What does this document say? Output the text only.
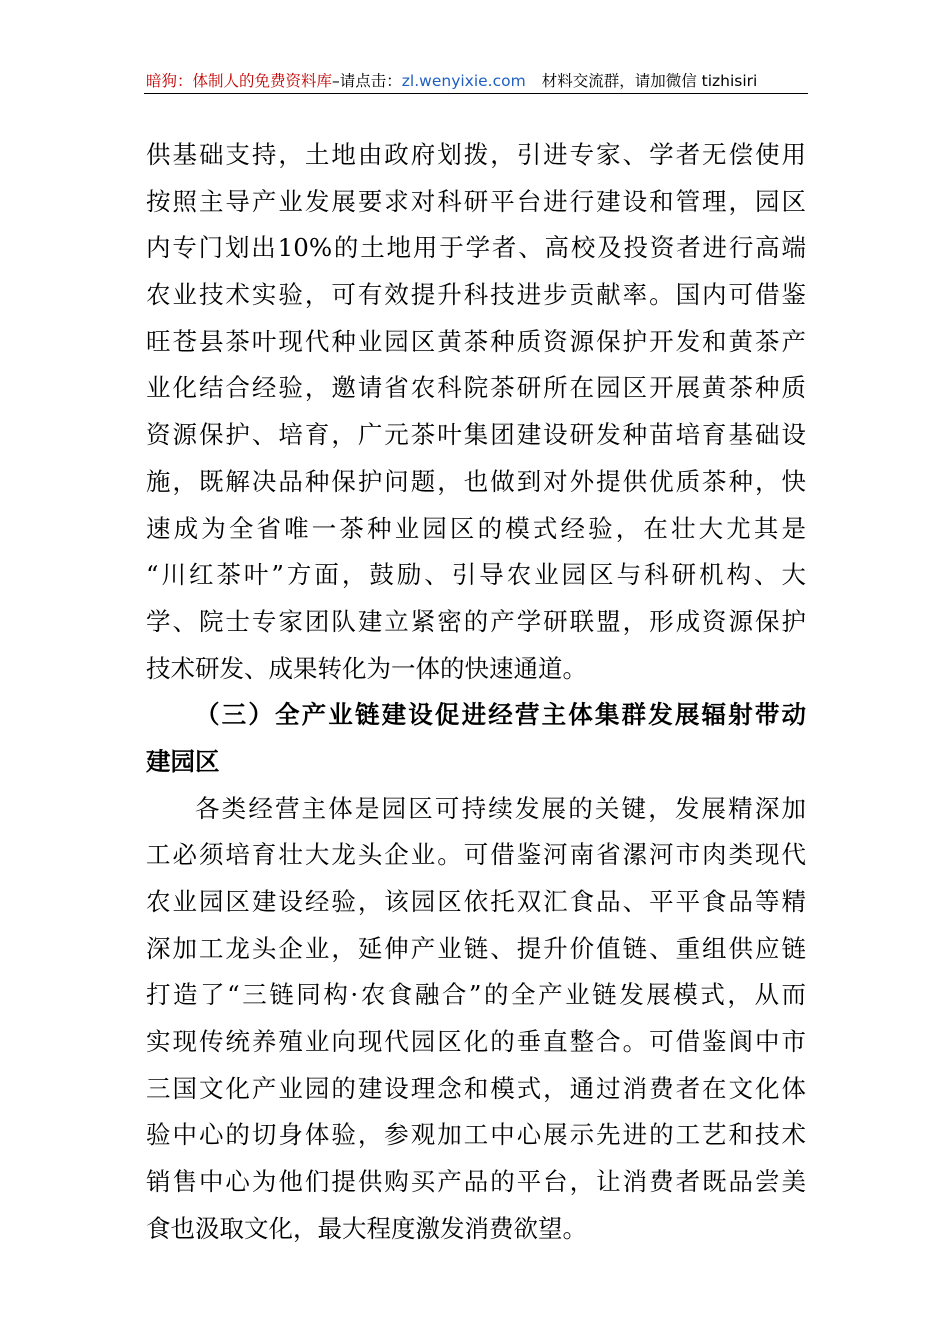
暗狗：体制人的免费资料库–请点击：zl.wenyixie.com 材料交流群，请加微信 tizhisiri
供基础支持，土地由政府划拨，引进专家、学者无偿使用
按照主导产业发展要求对科研平台进行建设和管理，园区
内专门划出10%的土地用于学者、高校及投资者进行高端
农业技术实验，可有效提升科技进步贡献率。国内可借鉴
旺苍县茶叶现代种业园区黄茶种质资源保护开发和黄茶产
业化结合经验，邀请省农科院茶研所在园区开展黄茶种质
资源保护、培育，广元茶叶集团建设研发种苗培育基础设
施，既解决品种保护问题，也做到对外提供优质茶种，快
速成为全省唯一茶种业园区的模式经验，在壮大尤其是
“川红茶叶”方面，鼓励、引导农业园区与科研机构、大
学、院士专家团队建立紧密的产学研联盟，形成资源保护
技术研发、成果转化为一体的快速通道。
（三）全产业链建设促进经营主体集群发展辐射带动
建园区
各类经营主体是园区可持续发展的关键，发展精深加
工必须培育壮大龙头企业。可借鉴河南省漯河市肉类现代
农业园区建设经验，该园区依托双汇食品、平平食品等精
深加工龙头企业，延伸产业链、提升价值链、重组供应链
打造了“三链同构·农食融合”的全产业链发展模式，从而
实现传统养殖业向现代园区化的垂直整合。可借鉴阆中市
三国文化产业园的建设理念和模式，通过消费者在文化体
验中心的切身体验，参观加工中心展示先进的工艺和技术
销售中心为他们提供购买产品的平台，让消费者既品尝美
食也汲取文化，最大程度激发消费欲望。
